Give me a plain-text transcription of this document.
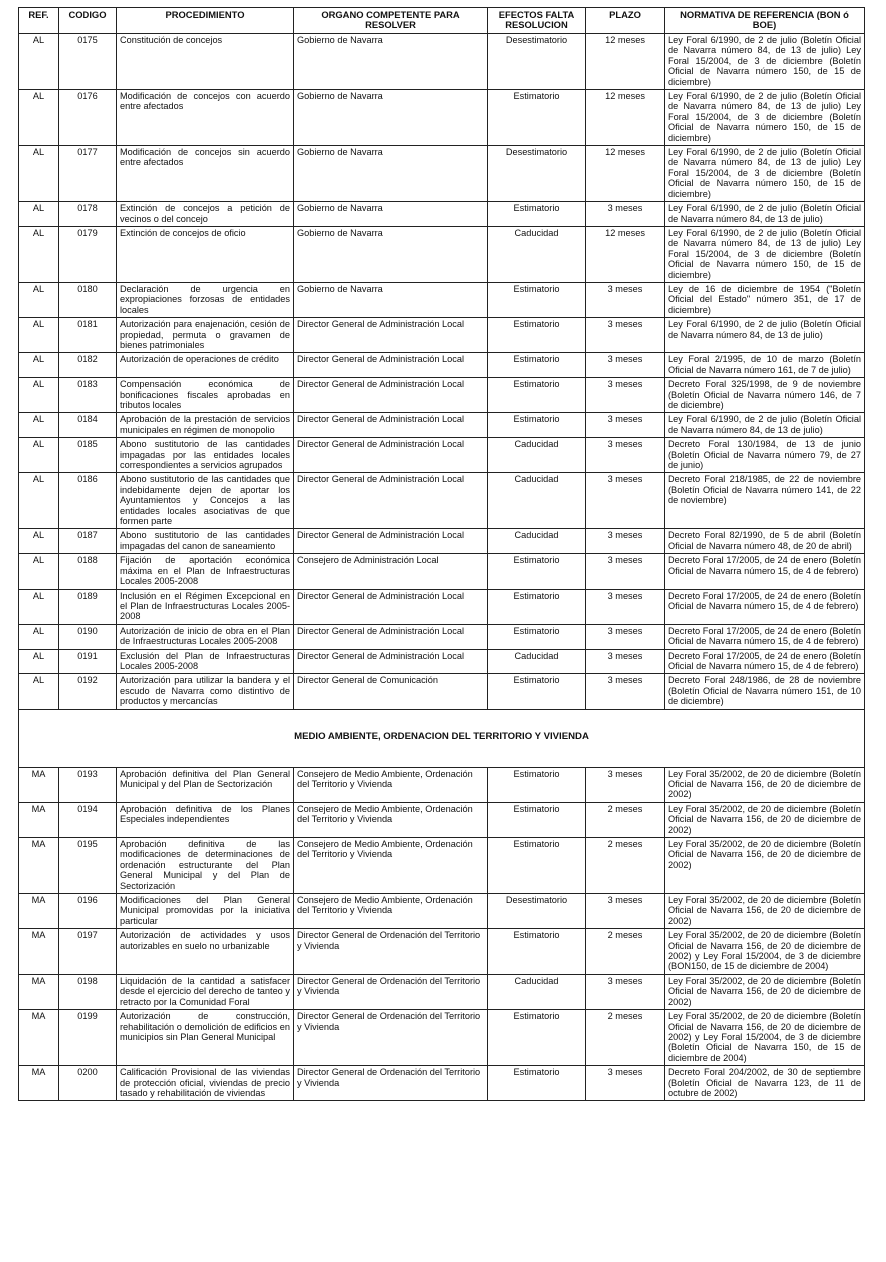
REF.	CODIGO	PROCEDIMIENTO	ORGANO COMPETENTE PARA RESOLVER	EFECTOS FALTA RESOLUCION	PLAZO	NORMATIVA DE REFERENCIA (BON ó BOE)
AL	0175	Constitución de concejos	Gobierno de Navarra	Desestimatorio	12 meses	Ley Foral 6/1990, de 2 de julio (Boletín Oficial de Navarra número 84, de 13 de julio) Ley Foral 15/2004, de 3 de diciembre (Boletín Oficial de Navarra número 150, de 15 de diciembre)
AL	0176	Modificación de concejos con acuerdo entre afectados	Gobierno de Navarra	Estimatorio	12 meses	Ley Foral 6/1990, de 2 de julio (Boletín Oficial de Navarra número 84, de 13 de julio) Ley Foral 15/2004, de 3 de diciembre (Boletín Oficial de Navarra número 150, de 15 de diciembre)
AL	0177	Modificación de concejos sin acuerdo entre afectados	Gobierno de Navarra	Desestimatorio	12 meses	Ley Foral 6/1990, de 2 de julio (Boletín Oficial de Navarra número 84, de 13 de julio) Ley Foral 15/2004, de 3 de diciembre (Boletín Oficial de Navarra número 150, de 15 de diciembre)
AL	0178	Extinción de concejos a petición de vecinos o del concejo	Gobierno de Navarra	Estimatorio	3 meses	Ley Foral 6/1990, de 2 de julio (Boletín Oficial de Navarra número 84, de 13 de julio)
AL	0179	Extinción de concejos de oficio	Gobierno de Navarra	Caducidad	12 meses	Ley Foral 6/1990, de 2 de julio (Boletín Oficial de Navarra número 84, de 13 de julio) Ley Foral 15/2004, de 3 de diciembre (Boletín Oficial de Navarra número 150, de 15 de diciembre)
AL	0180	Declaración de urgencia en expropiaciones forzosas de entidades locales	Gobierno de Navarra	Estimatorio	3 meses	Ley de 16 de diciembre de 1954 ("Boletín Oficial del Estado" número 351, de 17 de diciembre)
AL	0181	Autorización para enajenación, cesión de propiedad, permuta o gravamen de bienes patrimoniales	Director General de Administración Local	Estimatorio	3 meses	Ley Foral 6/1990, de 2 de julio (Boletín Oficial de Navarra número 84, de 13 de julio)
AL	0182	Autorización de operaciones de crédito	Director General de Administración Local	Estimatorio	3 meses	Ley Foral 2/1995, de 10 de marzo (Boletín Oficial de Navarra número 161, de 7 de julio)
AL	0183	Compensación económica de bonificaciones fiscales aprobadas en tributos locales	Director General de Administración Local	Estimatorio	3 meses	Decreto Foral 325/1998, de 9 de noviembre (Boletín Oficial de Navarra número 146, de 7 de diciembre)
AL	0184	Aprobación de la prestación de servicios municipales en régimen de monopolio	Director General de Administración Local	Estimatorio	3 meses	Ley Foral 6/1990, de 2 de julio (Boletín Oficial de Navarra número 84, de 13 de julio)
AL	0185	Abono sustitutorio de las cantidades impagadas por las entidades locales correspondientes a servicios agrupados	Director General de Administración Local	Caducidad	3 meses	Decreto Foral 130/1984, de 13 de junio (Boletín Oficial de Navarra número 79, de 27 de junio)
AL	0186	Abono sustitutorio de las cantidades que indebidamente dejen de aportar los Ayuntamientos y Concejos a las entidades locales asociativas de que formen parte	Director General de Administración Local	Caducidad	3 meses	Decreto Foral 218/1985, de 22 de noviembre (Boletín Oficial de Navarra número 141, de 22 de noviembre)
AL	0187	Abono sustitutorio de las cantidades impagadas del canon de saneamiento	Director General de Administración Local	Caducidad	3 meses	Decreto Foral 82/1990, de 5 de abril (Boletín Oficial de Navarra número 48, de 20 de abril)
AL	0188	Fijación de aportación económica máxima en el Plan de Infraestructuras Locales 2005-2008	Consejero de Administración Local	Estimatorio	3 meses	Decreto Foral 17/2005, de 24 de enero (Boletín Oficial de Navarra número 15, de 4 de febrero)
AL	0189	Inclusión en el Régimen Excepcional en el Plan de Infraestructuras Locales 2005-2008	Director General de Administración Local	Estimatorio	3 meses	Decreto Foral 17/2005, de 24 de enero (Boletín Oficial de Navarra número 15, de 4 de febrero)
AL	0190	Autorización de inicio de obra en el Plan de Infraestructuras Locales 2005-2008	Director General de Administración Local	Estimatorio	3 meses	Decreto Foral 17/2005, de 24 de enero (Boletín Oficial de Navarra número 15, de 4 de febrero)
AL	0191	Exclusión del Plan de Infraestructuras Locales 2005-2008	Director General de Administración Local	Caducidad	3 meses	Decreto Foral 17/2005, de 24 de enero (Boletín Oficial de Navarra número 15, de 4 de febrero)
AL	0192	Autorización para utilizar la bandera y el escudo de Navarra como distintivo de productos y mercancías	Director General de Comunicación	Estimatorio	3 meses	Decreto Foral 248/1986, de 28 de noviembre (Boletín Oficial de Navarra número 151, de 10 de diciembre)
MEDIO AMBIENTE, ORDENACION DEL TERRITORIO Y VIVIENDA						
MA	0193	Aprobación definitiva del Plan General Municipal y del Plan de Sectorización	Consejero de Medio Ambiente, Ordenación del Territorio y Vivienda	Estimatorio	3 meses	Ley Foral 35/2002, de 20 de diciembre (Boletín Oficial de Navarra 156, de 20 de diciembre de 2002)
MA	0194	Aprobación definitiva de los Planes Especiales independientes	Consejero de Medio Ambiente, Ordenación del Territorio y Vivienda	Estimatorio	2 meses	Ley Foral 35/2002, de 20 de diciembre (Boletín Oficial de Navarra 156, de 20 de diciembre de 2002)
MA	0195	Aprobación definitiva de las modificaciones de determinaciones de ordenación estructurante del Plan General Municipal y del Plan de Sectorización	Consejero de Medio Ambiente, Ordenación del Territorio y Vivienda	Estimatorio	2 meses	Ley Foral 35/2002, de 20 de diciembre (Boletín Oficial de Navarra 156, de 20 de diciembre de 2002)
MA	0196	Modificaciones del Plan General Municipal promovidas por la iniciativa particular	Consejero de Medio Ambiente, Ordenación del Territorio y Vivienda	Desestimatorio	3 meses	Ley Foral 35/2002, de 20 de diciembre (Boletín Oficial de Navarra 156, de 20 de diciembre de 2002)
MA	0197	Autorización de actividades y usos autorizables en suelo no urbanizable	Director General de Ordenación del Territorio y Vivienda	Estimatorio	2 meses	Ley Foral 35/2002, de 20 de diciembre (Boletín Oficial de Navarra 156, de 20 de diciembre de 2002) y Ley Foral 15/2004, de 3 de diciembre (BON150, de 15 de diciembre de 2004)
MA	0198	Liquidación de la cantidad a satisfacer desde el ejercicio del derecho de tanteo y retracto por la Comunidad Foral	Director General de Ordenación del Territorio y Vivienda	Caducidad	3 meses	Ley Foral 35/2002, de 20 de diciembre (Boletín Oficial de Navarra 156, de 20 de diciembre de 2002)
MA	0199	Autorización de construcción, rehabilitación o demolición de edificios en municipios sin Plan General Municipal	Director General de Ordenación del Territorio y Vivienda	Estimatorio	2 meses	Ley Foral 35/2002, de 20 de diciembre (Boletín Oficial de Navarra 156, de 20 de diciembre de 2002) y Ley Foral 15/2004, de 3 de diciembre (Boletín Oficial de Navarra 150, de 15 de diciembre de 2004)
MA	0200	Calificación Provisional de las viviendas de protección oficial, viviendas de precio tasado y rehabilitación de viviendas	Director General de Ordenación del Territorio y Vivienda	Estimatorio	3 meses	Decreto Foral 204/2002, de 30 de septiembre (Boletín Oficial de Navarra 123, de 11 de octubre de 2002)
